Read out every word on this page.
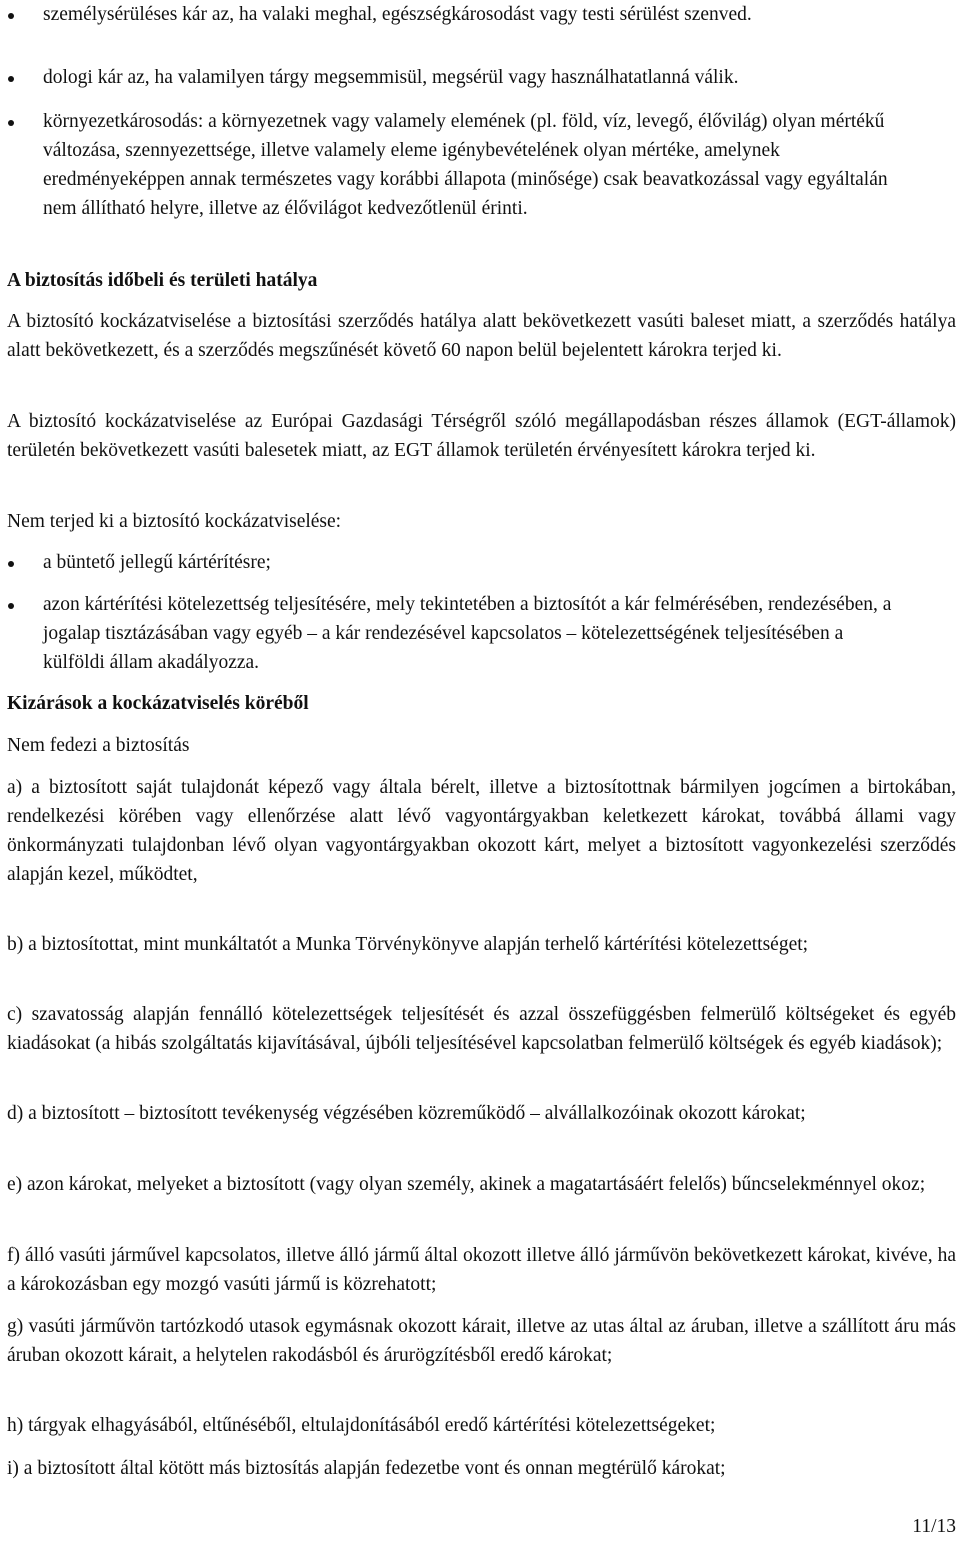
személysérüléses kár az, ha valaki meghal, egészségkárosodást vagy testi sérülést szenved.
dologi kár az, ha valamilyen tárgy megsemmisül, megsérül vagy használhatatlanná válik.
környezetkárosodás: a környezetnek vagy valamely elemének (pl. föld, víz, levegő, élővilág) olyan mértékű változása, szennyezettsége, illetve valamely eleme igénybevételének olyan mértéke, amelynek eredményeképpen annak természetes vagy korábbi állapota (minősége) csak beavatkozással vagy egyáltalán nem állítható helyre, illetve az élővilágot kedvezőtlenül érinti.
A biztosítás időbeli és területi hatálya
A biztosító kockázatviselése a biztosítási szerződés hatálya alatt bekövetkezett vasúti baleset miatt, a szerződés hatálya alatt bekövetkezett, és a szerződés megszűnését követő 60 napon belül bejelentett károkra terjed ki.
A biztosító kockázatviselése az Európai Gazdasági Térségről szóló megállapodásban részes államok (EGT-államok) területén bekövetkezett vasúti balesetek miatt, az EGT államok területén érvényesített károkra terjed ki.
Nem terjed ki a biztosító kockázatviselése:
a büntető jellegű kártérítésre;
azon kártérítési kötelezettség teljesítésére, mely tekintetében a biztosítót a kár felmérésében, rendezésében, a jogalap tisztázásában vagy egyéb – a kár rendezésével kapcsolatos – kötelezettségének teljesítésében a külföldi állam akadályozza.
Kizárások a kockázatviselés köréből
Nem fedezi a biztosítás
a) a biztosított saját tulajdonát képező vagy általa bérelt, illetve a biztosítottnak bármilyen jogcímen a birtokában, rendelkezési körében vagy ellenőrzése alatt lévő vagyontárgyakban keletkezett károkat, továbbá állami vagy önkormányzati tulajdonban lévő olyan vagyontárgyakban okozott kárt, melyet a biztosított vagyonkezelési szerződés alapján kezel, működtet,
b) a biztosítottat, mint munkáltatót a Munka Törvénykönyve alapján terhelő kártérítési kötelezettséget;
c) szavatosság alapján fennálló kötelezettségek teljesítését és azzal összefüggésben felmerülő költségeket és egyéb kiadásokat (a hibás szolgáltatás kijavításával, újbóli teljesítésével kapcsolatban felmerülő költségek és egyéb kiadások);
d) a biztosított – biztosított tevékenység végzésében közreműködő – alvállalkozóinak okozott károkat;
e) azon károkat, melyeket a biztosított (vagy olyan személy, akinek a magatartásáért felelős) bűncselekménnyel okoz;
f) álló vasúti járművel kapcsolatos, illetve álló jármű által okozott illetve álló járművön bekövetkezett károkat, kivéve, ha a károkozásban egy mozgó vasúti jármű is közrehatott;
g) vasúti járművön tartózkodó utasok egymásnak okozott kárait, illetve az utas által az áruban, illetve a szállított áru más áruban okozott kárait, a helytelen rakodásból és árurögzítésből eredő károkat;
h) tárgyak elhagyásából, eltűnéséből, eltulajdonításából eredő kártérítési kötelezettségeket;
i) a biztosított által kötött más biztosítás alapján fedezetbe vont és onnan megtérülő károkat;
11/13
